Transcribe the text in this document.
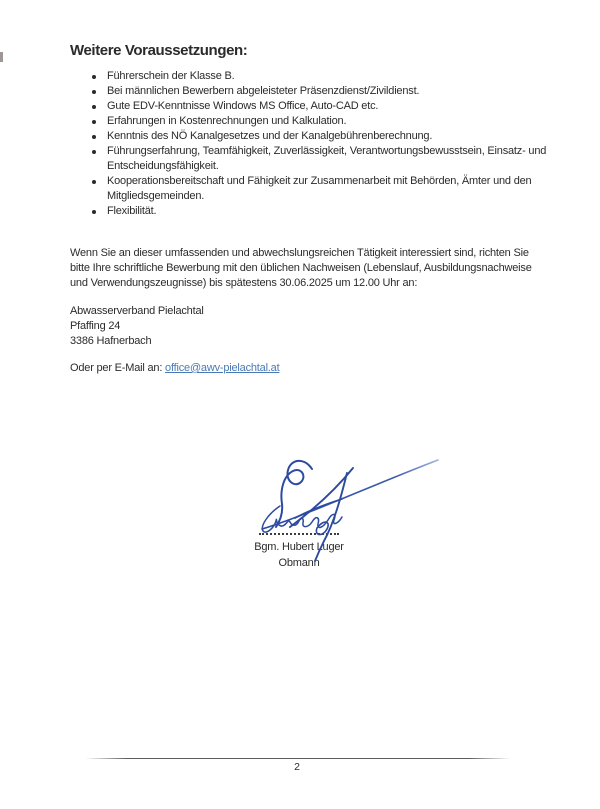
Weitere Voraussetzungen:
Führerschein der Klasse B.
Bei männlichen Bewerbern abgeleisteter Präsenzdienst/Zivildienst.
Gute EDV-Kenntnisse Windows MS Office, Auto-CAD etc.
Erfahrungen in Kostenrechnungen und Kalkulation.
Kenntnis des NÖ Kanalgesetzes und der Kanalgebührenberechnung.
Führungserfahrung, Teamfähigkeit, Zuverlässigkeit, Verantwortungsbewusstsein, Einsatz- und
Entscheidungsfähigkeit.
Kooperationsbereitschaft und Fähigkeit zur Zusammenarbeit mit Behörden, Ämter und den
Mitgliedsgemeinden.
Flexibilität.
Wenn Sie an dieser umfassenden und abwechslungsreichen Tätigkeit interessiert sind, richten Sie
bitte Ihre schriftliche Bewerbung mit den üblichen Nachweisen (Lebenslauf, Ausbildungsnachweise
und Verwendungszeugnisse) bis spätestens 30.06.2025 um 12.00 Uhr an:
Abwasserverband Pielachtal
Pfaffing 24
3386 Hafnerbach
Oder per E-Mail an: office@awv-pielachtal.at
Bgm. Hubert Luger
Obmann
2
